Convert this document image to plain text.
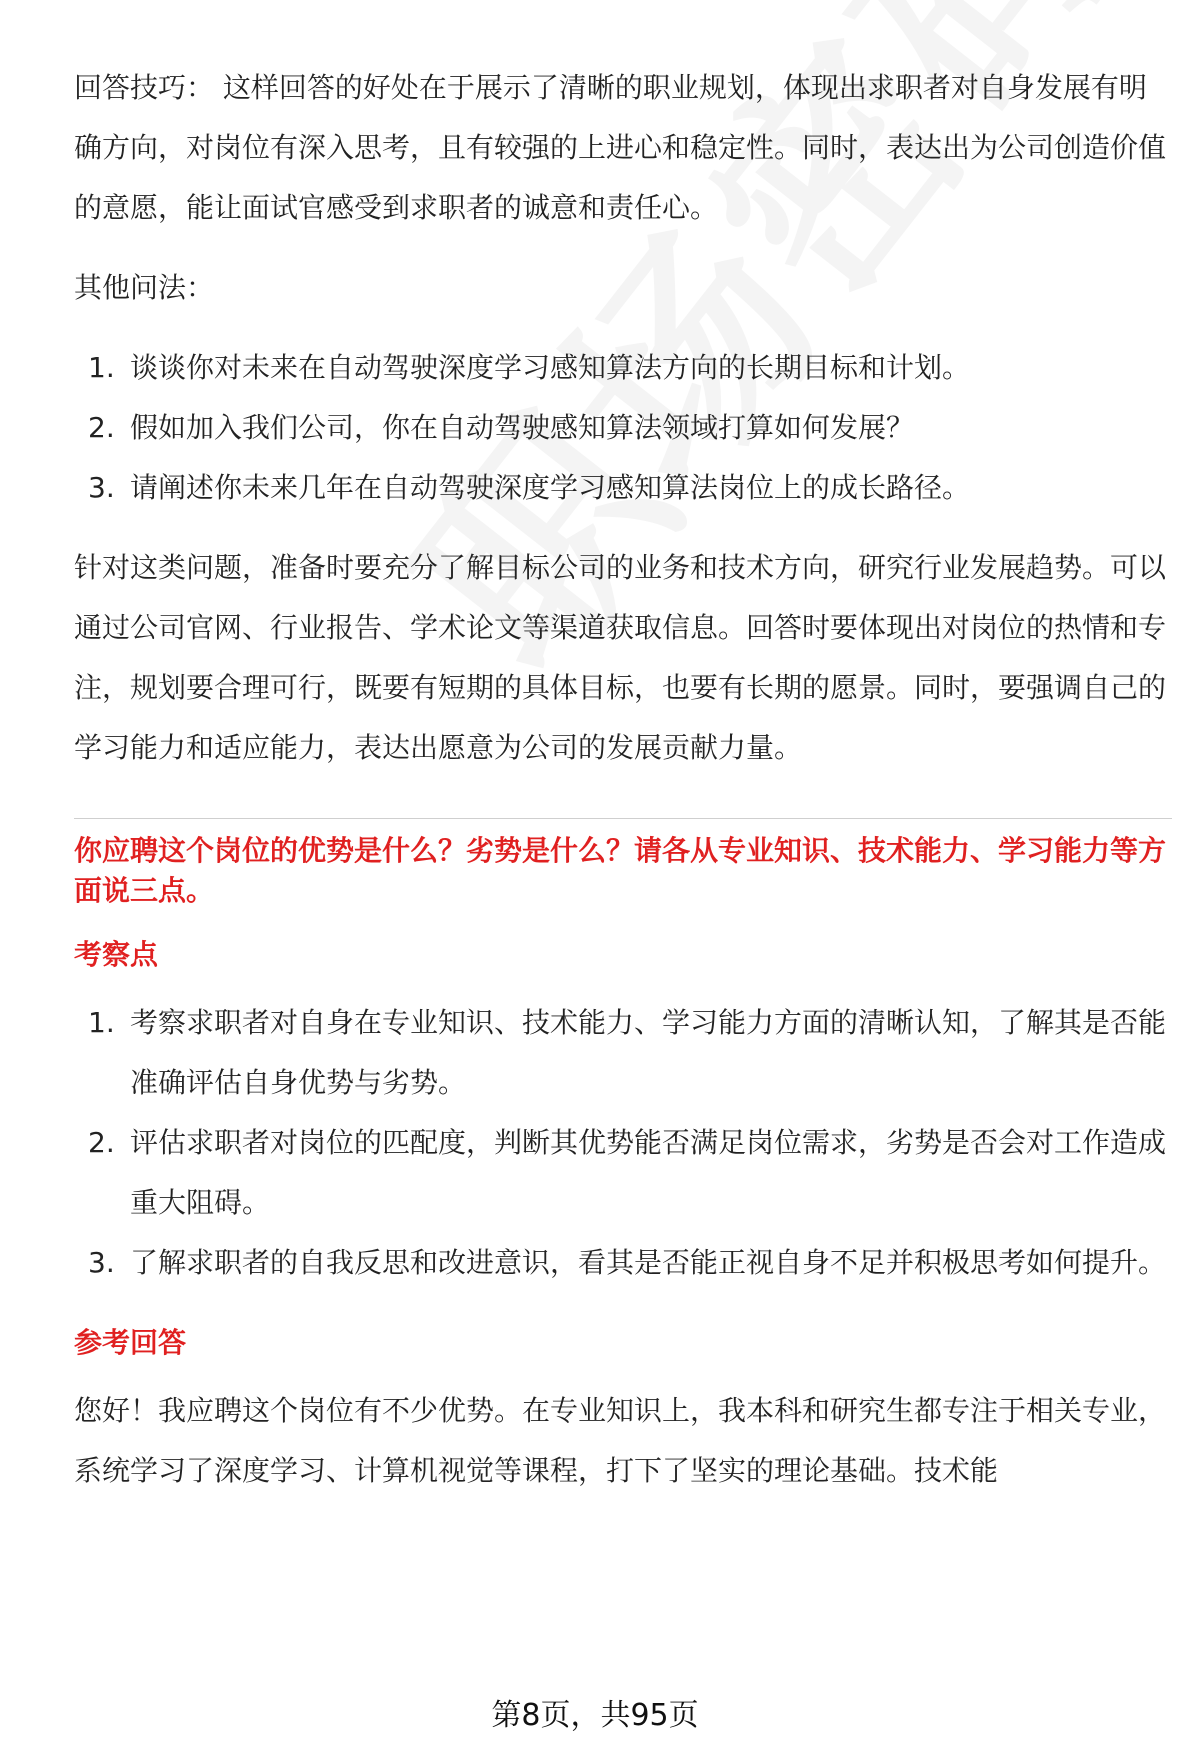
回答技巧： 这样回答的好处在于展示了清晰的职业规划，体现出求职者对自身发展有明确方向，对岗位有深入思考，且有较强的上进心和稳定性。同时，表达出为公司创造价值的意愿，能让面试官感受到求职者的诚意和责任心。

其他问法：

1. 谈谈你对未来在自动驾驶深度学习感知算法方向的长期目标和计划。
2. 假如加入我们公司，你在自动驾驶感知算法领域打算如何发展？
3. 请阐述你未来几年在自动驾驶深度学习感知算法岗位上的成长路径。

针对这类问题，准备时要充分了解目标公司的业务和技术方向，研究行业发展趋势。可以通过公司官网、行业报告、学术论文等渠道获取信息。回答时要体现出对岗位的热情和专注，规划要合理可行，既要有短期的具体目标，也要有长期的愿景。同时，要强调自己的学习能力和适应能力，表达出愿意为公司的发展贡献力量。

你应聘这个岗位的优势是什么？劣势是什么？请各从专业知识、技术能力、学习能力等方面说三点。

考察点

1. 考察求职者对自身在专业知识、技术能力、学习能力方面的清晰认知，了解其是否能准确评估自身优势与劣势。
2. 评估求职者对岗位的匹配度，判断其优势能否满足岗位需求，劣势是否会对工作造成重大阻碍。
3. 了解求职者的自我反思和改进意识，看其是否能正视自身不足并积极思考如何提升。

参考回答

您好！我应聘这个岗位有不少优势。在专业知识上，我本科和研究生都专注于相关专业，系统学习了深度学习、计算机视觉等课程，打下了坚实的理论基础。技术能

第8页，共95页
